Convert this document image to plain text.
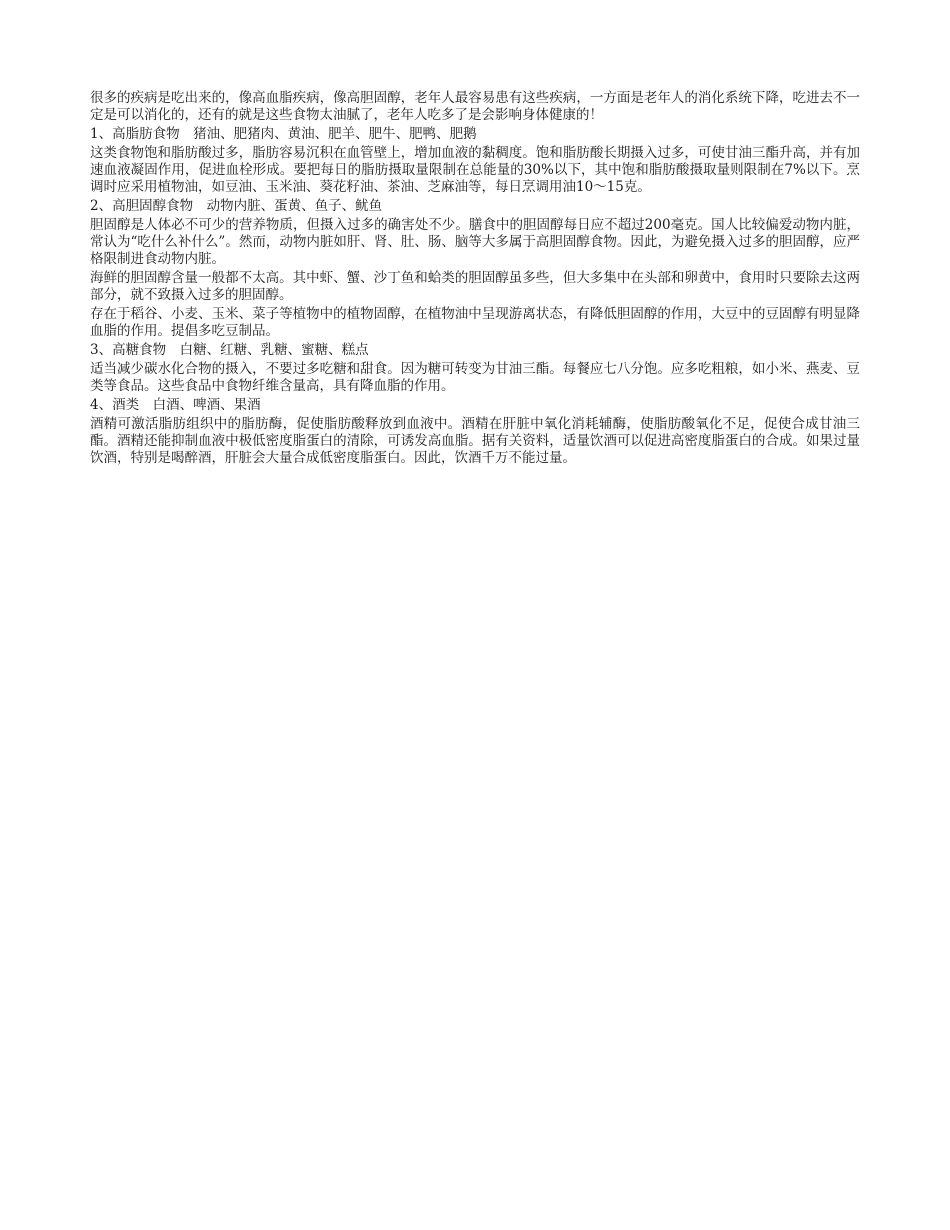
很多的疾病是吃出来的，像高血脂疾病，像高胆固醇，老年人最容易患有这些疾病，一方面是老年人的消化系统下降，吃进去不一定是可以消化的，还有的就是这些食物太油腻了，老年人吃多了是会影响身体健康的！

1、高脂肪食物　猪油、肥猪肉、黄油、肥羊、肥牛、肥鸭、肥鹅

这类食物饱和脂肪酸过多，脂肪容易沉积在血管壁上，增加血液的黏稠度。饱和脂肪酸长期摄入过多，可使甘油三酯升高，并有加速血液凝固作用，促进血栓形成。要把每日的脂肪摄取量限制在总能量的30%以下，其中饱和脂肪酸摄取量则限制在7%以下。烹调时应采用植物油，如豆油、玉米油、葵花籽油、茶油、芝麻油等，每日烹调用油10～15克。

2、高胆固醇食物　动物内脏、蛋黄、鱼子、鱿鱼

胆固醇是人体必不可少的营养物质，但摄入过多的确害处不少。膳食中的胆固醇每日应不超过200毫克。国人比较偏爱动物内脏，常认为“吃什么补什么”。然而，动物内脏如肝、肾、肚、肠、脑等大多属于高胆固醇食物。因此，为避免摄入过多的胆固醇，应严格限制进食动物内脏。

海鲜的胆固醇含量一般都不太高。其中虾、蟹、沙丁鱼和蛤类的胆固醇虽多些，但大多集中在头部和卵黄中，食用时只要除去这两部分，就不致摄入过多的胆固醇。

存在于稻谷、小麦、玉米、菜子等植物中的植物固醇，在植物油中呈现游离状态，有降低胆固醇的作用，大豆中的豆固醇有明显降血脂的作用。提倡多吃豆制品。

3、高糖食物　白糖、红糖、乳糖、蜜糖、糕点

适当减少碳水化合物的摄入，不要过多吃糖和甜食。因为糖可转变为甘油三酯。每餐应七八分饱。应多吃粗粮，如小米、燕麦、豆类等食品。这些食品中食物纤维含量高，具有降血脂的作用。

4、酒类　白酒、啤酒、果酒

酒精可激活脂肪组织中的脂肪酶，促使脂肪酸释放到血液中。酒精在肝脏中氧化消耗辅酶，使脂肪酸氧化不足，促使合成甘油三酯。酒精还能抑制血液中极低密度脂蛋白的清除，可诱发高血脂。据有关资料，适量饮酒可以促进高密度脂蛋白的合成。如果过量饮酒，特别是喝醉酒，肝脏会大量合成低密度脂蛋白。因此，饮酒千万不能过量。
